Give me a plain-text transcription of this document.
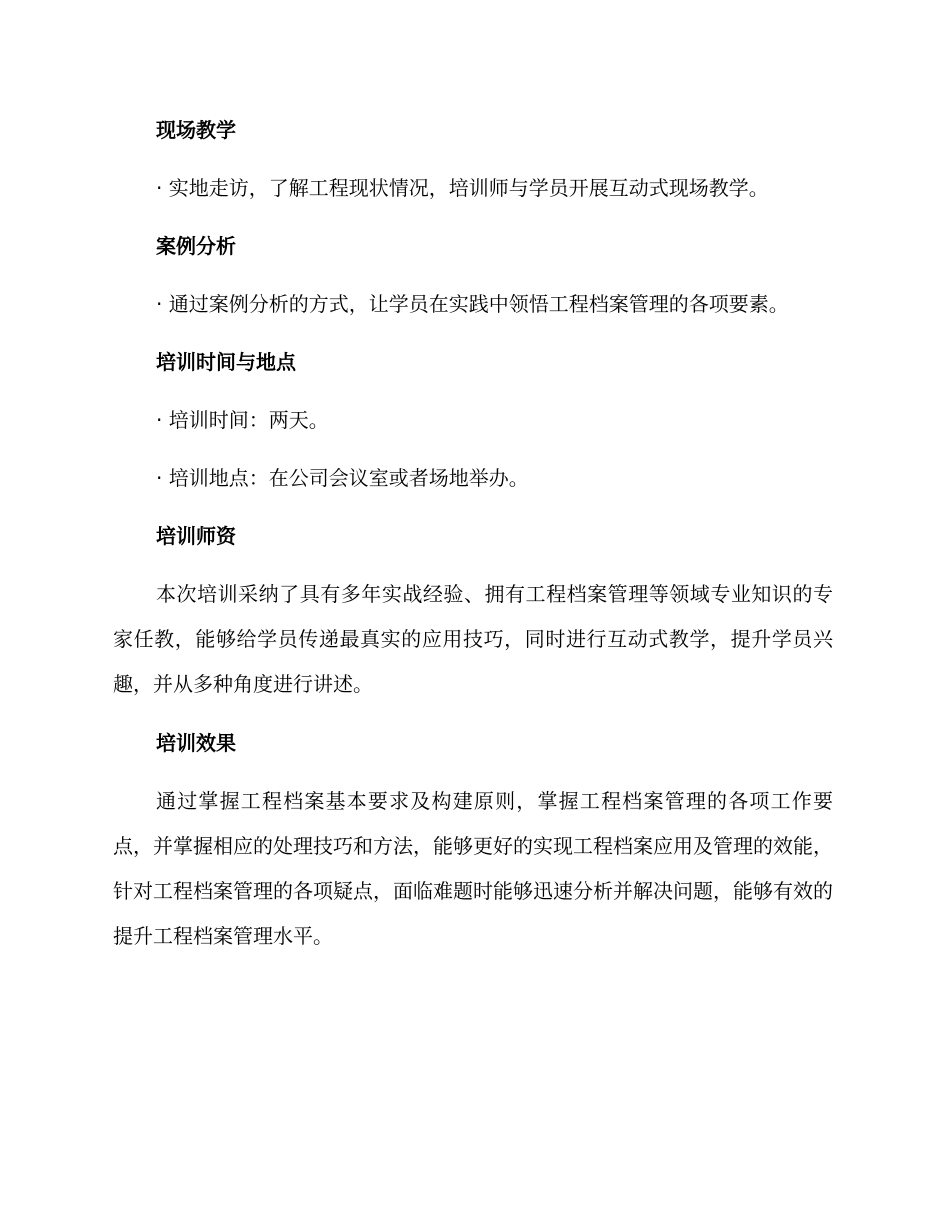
现场教学

· 实地走访，了解工程现状情况，培训师与学员开展互动式现场教学。

案例分析

· 通过案例分析的方式，让学员在实践中领悟工程档案管理的各项要素。

培训时间与地点

· 培训时间：两天。

· 培训地点：在公司会议室或者场地举办。

培训师资

本次培训采纳了具有多年实战经验、拥有工程档案管理等领域专业知识的专家任教，能够给学员传递最真实的应用技巧，同时进行互动式教学，提升学员兴趣，并从多种角度进行讲述。

培训效果

通过掌握工程档案基本要求及构建原则，掌握工程档案管理的各项工作要点，并掌握相应的处理技巧和方法，能够更好的实现工程档案应用及管理的效能，针对工程档案管理的各项疑点，面临难题时能够迅速分析并解决问题，能够有效的提升工程档案管理水平。
